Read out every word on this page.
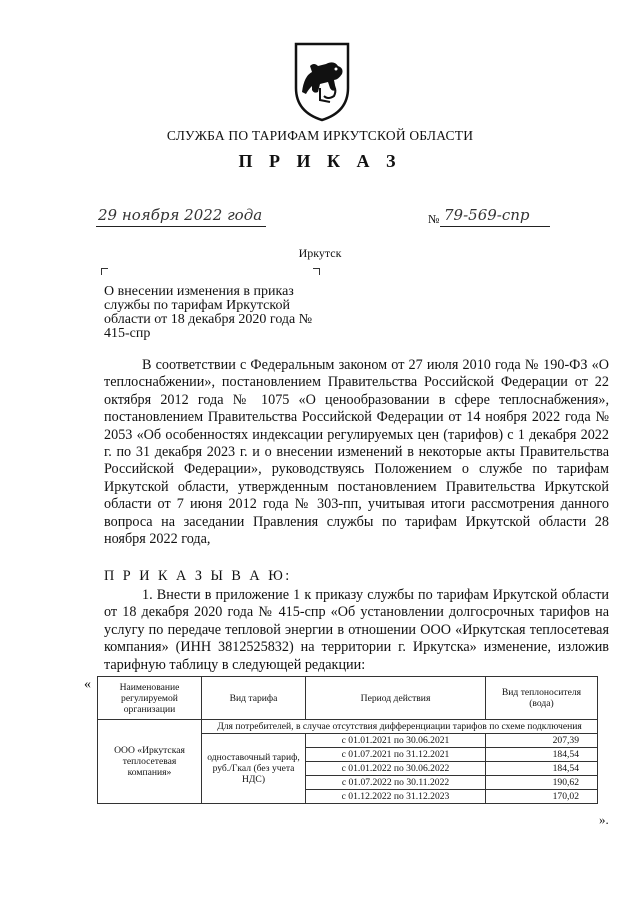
СЛУЖБА ПО ТАРИФАМ ИРКУТСКОЙ ОБЛАСТИ
П Р И К А З
29 ноября 2022 года	№ 79-569-спр
Иркутск
О внесении изменения в приказ службы по тарифам Иркутской области от 18 декабря 2020 года № 415-спр
В соответствии с Федеральным законом от 27 июля 2010 года № 190-ФЗ «О теплоснабжении», постановлением Правительства Российской Федерации от 22 октября 2012 года № 1075 «О ценообразовании в сфере теплоснабжения», постановлением Правительства Российской Федерации от 14 ноября 2022 года № 2053 «Об особенностях индексации регулируемых цен (тарифов) с 1 декабря 2022 г. по 31 декабря 2023 г. и о внесении изменений в некоторые акты Правительства Российской Федерации», руководствуясь Положением о службе по тарифам Иркутской области, утвержденным постановлением Правительства Иркутской области от 7 июня 2012 года № 303-пп, учитывая итоги рассмотрения данного вопроса на заседании Правления службы по тарифам Иркутской области 28 ноября 2022 года,
П Р И К А З Ы В А Ю:
1. Внести в приложение 1 к приказу службы по тарифам Иркутской области от 18 декабря 2020 года № 415-спр «Об установлении долгосрочных тарифов на услугу по передаче тепловой энергии в отношении ООО «Иркутская теплосетевая компания» (ИНН 3812525832) на территории г. Иркутска» изменение, изложив тарифную таблицу в следующей редакции:
«	Наименование регулируемой организации	Вид тарифа	Период действия	Вид теплоносителя (вода)
ООО «Иркутская теплосетевая компания»	Для потребителей, в случае отсутствия дифференциации тарифов по схеме подключения		
	одноставочный тариф, руб./Гкал (без учета НДС)	с 01.01.2021 по 30.06.2021	207,39
		с 01.07.2021 по 31.12.2021	184,54
		с 01.01.2022 по 30.06.2022	184,54
		с 01.07.2022 по 30.11.2022	190,62
		с 01.12.2022 по 31.12.2023	170,02
».
